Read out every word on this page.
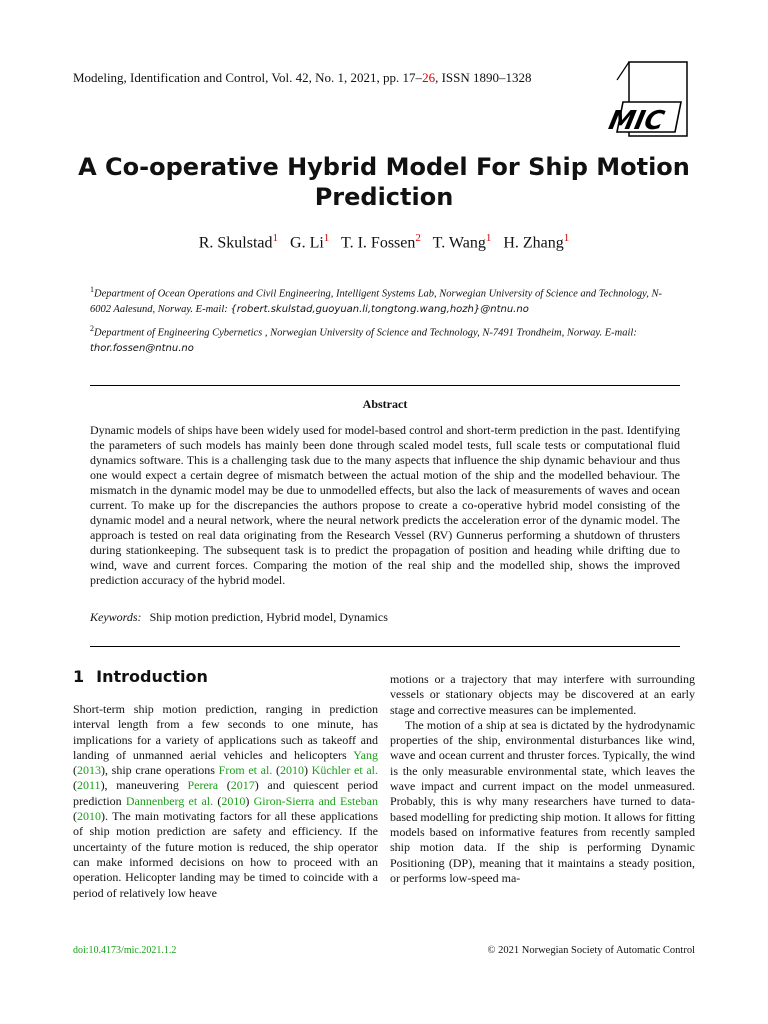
Modeling, Identification and Control, Vol. 42, No. 1, 2021, pp. 17–26, ISSN 1890–1328
MIC
A Co-operative Hybrid Model For Ship Motion
Prediction
R. Skulstad$^1$ G. Li$^1$ T. I. Fossen$^2$ T. Wang$^1$ H. Zhang$^1$
$^1$Department of Ocean Operations and Civil Engineering, Intelligent Systems Lab, Norwegian University of Science and Technology, N-6002 Aalesund, Norway. E-mail: {robert.skulstad,guoyuan.li,tongtong.wang,hozh}@ntnu.no
$^2$Department of Engineering Cybernetics , Norwegian University of Science and Technology, N-7491 Trondheim, Norway. E-mail: thor.fossen@ntnu.no
Abstract
Dynamic models of ships have been widely used for model-based control and short-term prediction in the past. Identifying the parameters of such models has mainly been done through scaled model tests, full scale tests or computational fluid dynamics software. This is a challenging task due to the many aspects that influence the ship dynamic behaviour and thus one would expect a certain degree of mismatch between the actual motion of the ship and the modelled behaviour. The mismatch in the dynamic model may be due to unmodelled effects, but also the lack of measurements of waves and ocean current. To make up for the discrepancies the authors propose to create a co-operative hybrid model consisting of the dynamic model and a neural network, where the neural network predicts the acceleration error of the dynamic model. The approach is tested on real data originating from the Research Vessel (RV) Gunnerus performing a shutdown of thrusters during stationkeeping. The subsequent task is to predict the propagation of position and heading while drifting due to wind, wave and current forces. Comparing the motion of the real ship and the modelled ship, shows the improved prediction accuracy of the hybrid model.
Keywords: Ship motion prediction, Hybrid model, Dynamics
1 Introduction

Short-term ship motion prediction, ranging in prediction interval length from a few seconds to one minute, has implications for a variety of applications such as takeoff and landing of unmanned aerial vehicles and helicopters Yang (2013), ship crane operations From et al. (2010) Küchler et al. (2011), maneuvering Perera (2017) and quiescent period prediction Dannenberg et al. (2010) Giron-Sierra and Esteban (2010). The main motivating factors for all these applications of ship motion prediction are safety and efficiency. If the uncertainty of the future motion is reduced, the ship operator can make informed decisions on how to proceed with an operation. Helicopter landing may be timed to coincide with a period of relatively low heave

motions or a trajectory that may interfere with surrounding vessels or stationary objects may be discovered at an early stage and corrective measures can be implemented.

The motion of a ship at sea is dictated by the hydrodynamic properties of the ship, environmental disturbances like wind, wave and ocean current and thruster forces. Typically, the wind is the only measurable environmental state, which leaves the wave impact and current impact on the model unmeasured. Probably, this is why many researchers have turned to data-based modelling for predicting ship motion. It allows for fitting models based on informative features from recently sampled ship motion data. If the ship is performing Dynamic Positioning (DP), meaning that it maintains a steady position, or performs low-speed ma-

doi:10.4173/mic.2021.1.2	© 2021 Norwegian Society of Automatic Control
